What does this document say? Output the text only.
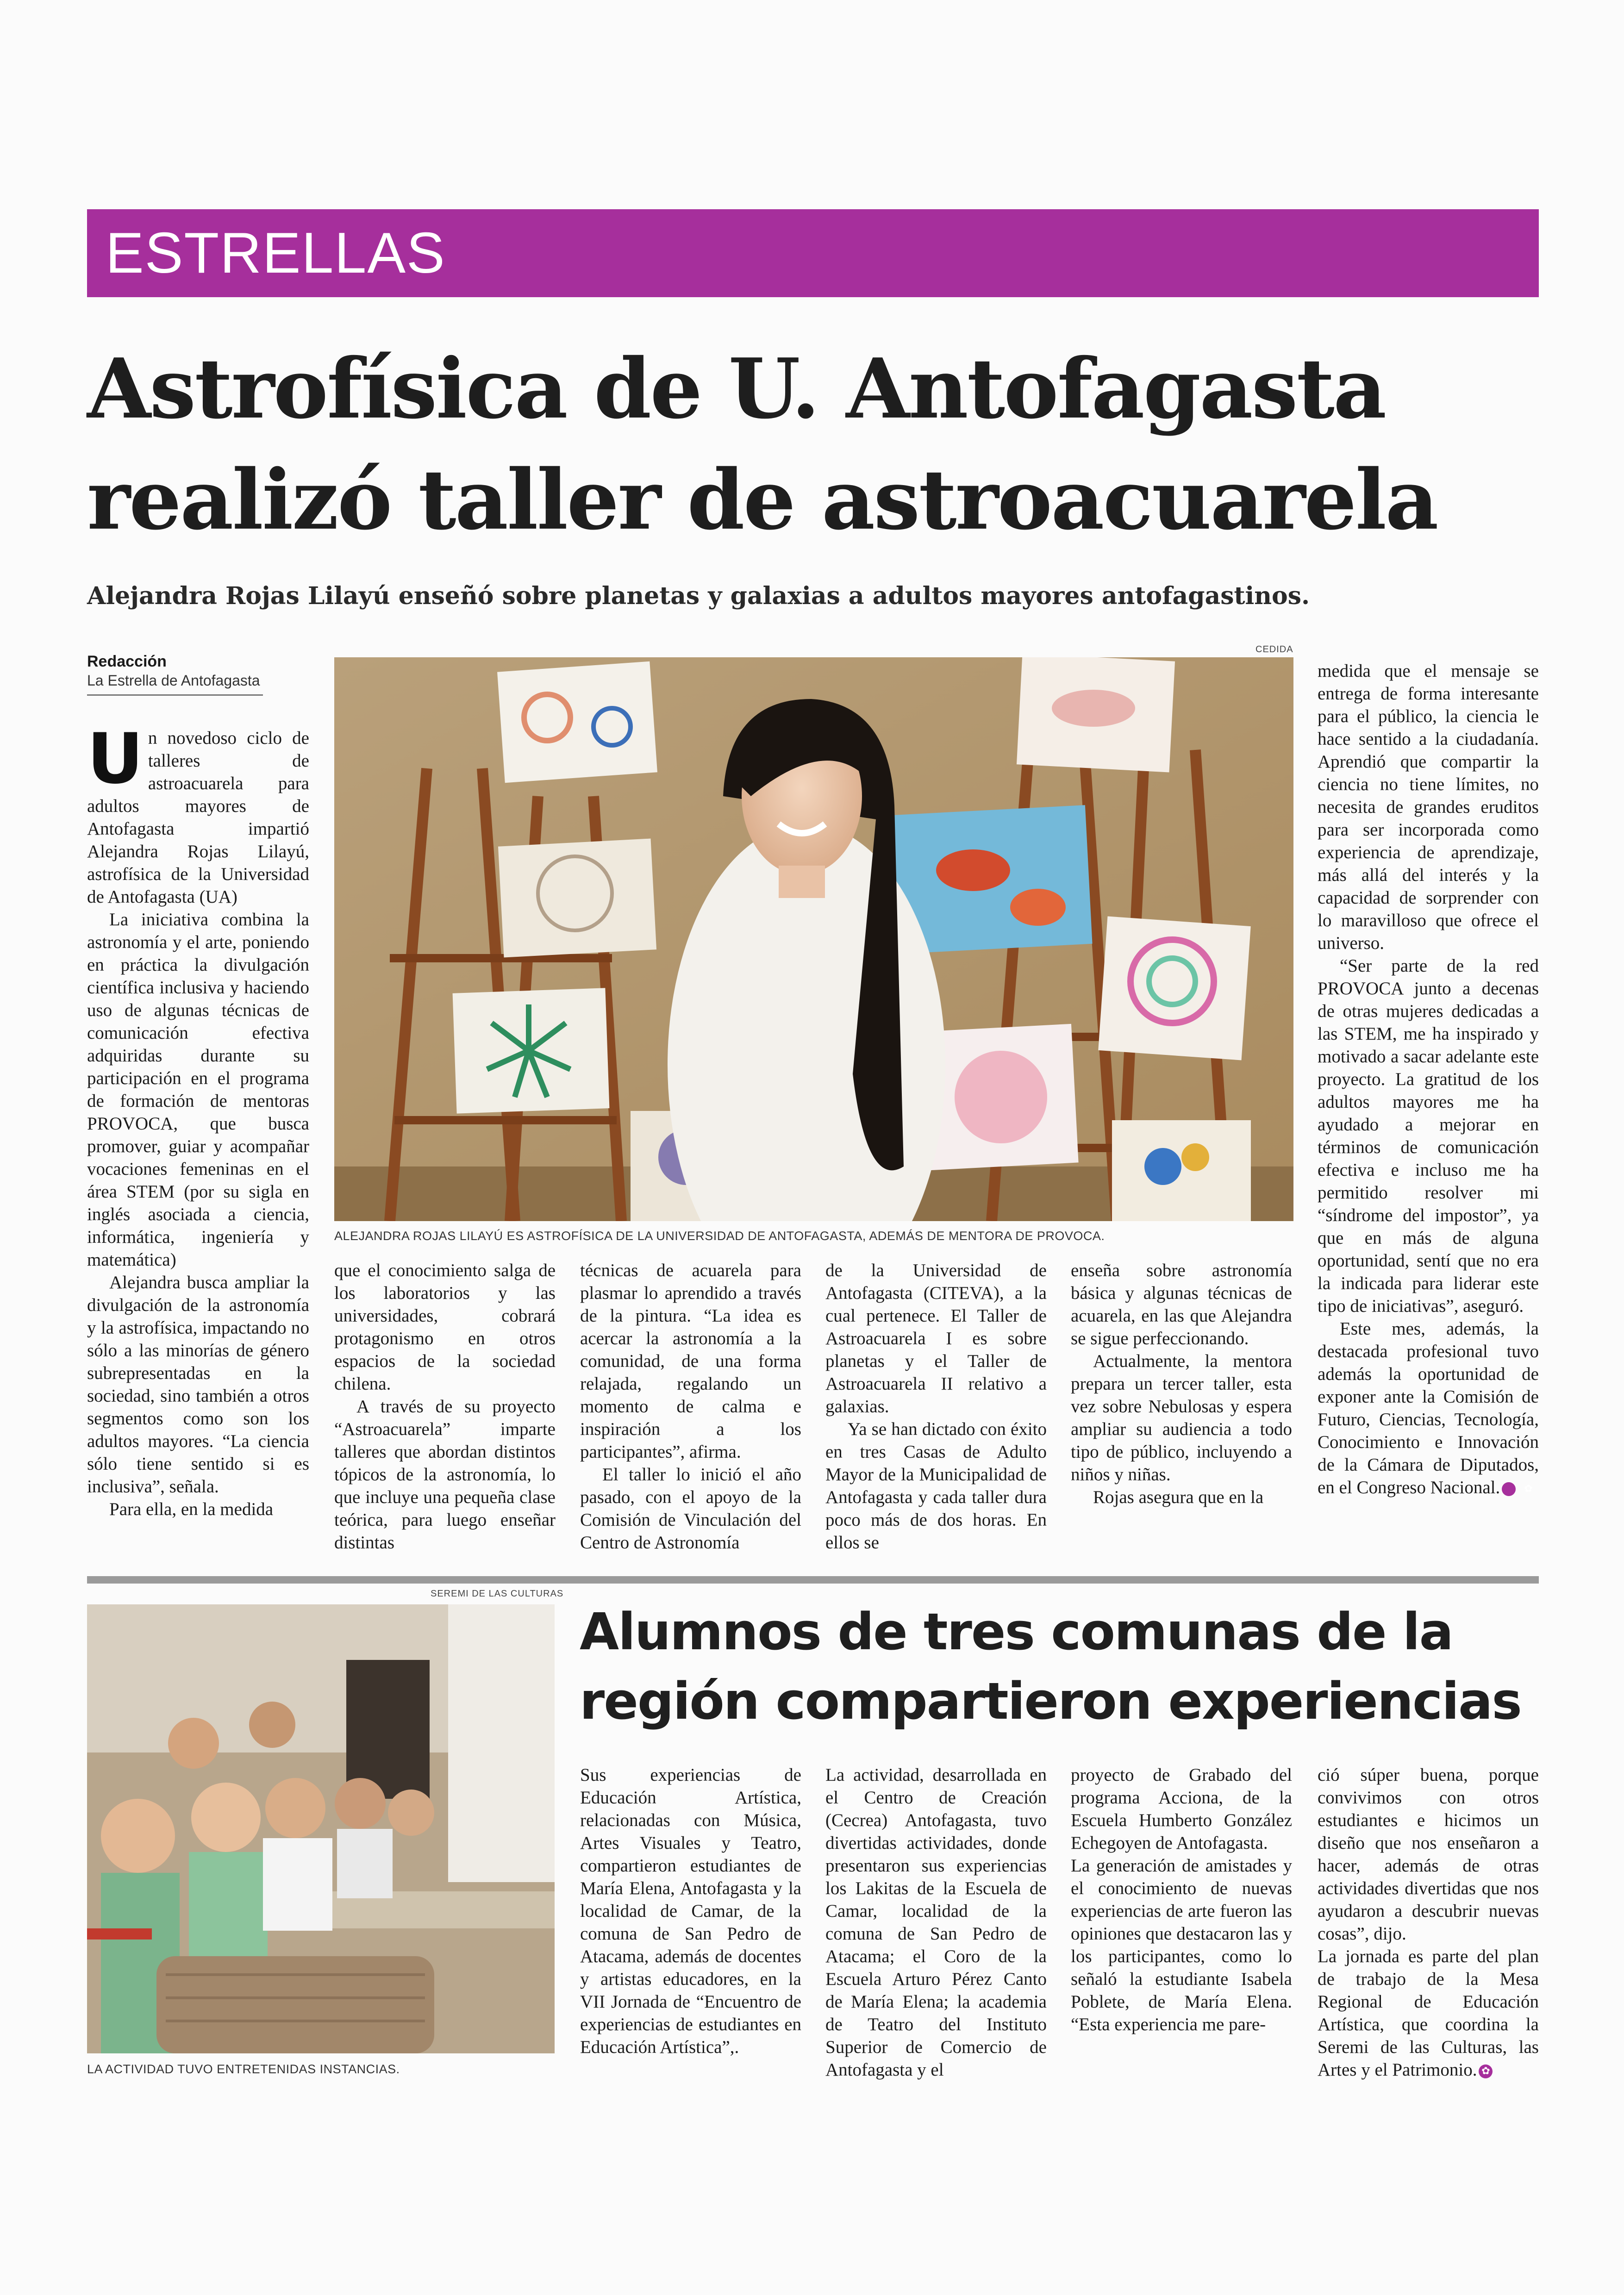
ESTRELLAS
Astrofísica de U. Antofagasta
realizó taller de astroacuarela
Alejandra Rojas Lilayú enseñó sobre planetas y galaxias a adultos mayores antofagastinos.
Redacción
La Estrella de Antofagasta

Un novedoso ciclo de talleres de astroacuarela para adultos mayores de Antofagasta impartió Alejandra Rojas Lilayú, astrofísica de la Universidad de Antofagasta (UA)

La iniciativa combina la astronomía y el arte, poniendo en práctica la divulgación científica inclusiva y haciendo uso de algunas técnicas de comunicación efectiva adquiridas durante su participación en el programa de formación de mentoras PROVOCA, que busca promover, guiar y acompañar vocaciones femeninas en el área STEM (por su sigla en inglés asociada a ciencia, informática, ingeniería y matemática)

Alejandra busca ampliar la divulgación de la astronomía y la astrofísica, impactando no sólo a las minorías de género subrepresentadas en la sociedad, sino también a otros segmentos como son los adultos mayores. “La ciencia sólo tiene sentido si es inclusiva”, señala.

Para ella, en la medida

CEDIDA
ALEJANDRA ROJAS LILAYÚ ES ASTROFÍSICA DE LA UNIVERSIDAD DE ANTOFAGASTA, ADEMÁS DE MENTORA DE PROVOCA.

que el conocimiento salga de los laboratorios y las universidades, cobrará protagonismo en otros espacios de la sociedad chilena.

A través de su proyecto “Astroacuarela” imparte talleres que abordan distintos tópicos de la astronomía, lo que incluye una pequeña clase teórica, para luego enseñar distintas

técnicas de acuarela para plasmar lo aprendido a través de la pintura. “La idea es acercar la astronomía a la comunidad, de una forma relajada, regalando un momento de calma e inspiración a los participantes”, afirma.

El taller lo inició el año pasado, con el apoyo de la Comisión de Vinculación del Centro de Astronomía

de la Universidad de Antofagasta (CITEVA), a la cual pertenece. El Taller de Astroacuarela I es sobre planetas y el Taller de Astroacuarela II relativo a galaxias.

Ya se han dictado con éxito en tres Casas de Adulto Mayor de la Municipalidad de Antofagasta y cada taller dura poco más de dos horas. En ellos se

enseña sobre astronomía básica y algunas técnicas de acuarela, en las que Alejandra se sigue perfeccionando.

Actualmente, la mentora prepara un tercer taller, esta vez sobre Nebulosas y espera ampliar su audiencia a todo tipo de público, incluyendo a niños y niñas.

Rojas asegura que en la

medida que el mensaje se entrega de forma interesante para el público, la ciencia le hace sentido a la ciudadanía. Aprendió que compartir la ciencia no tiene límites, no necesita de grandes eruditos para ser incorporada como experiencia de aprendizaje, más allá del interés y la capacidad de sorprender con lo maravilloso que ofrece el universo.

“Ser parte de la red PROVOCA junto a decenas de otras mujeres dedicadas a las STEM, me ha inspirado y motivado a sacar adelante este proyecto. La gratitud de los adultos mayores me ha ayudado a mejorar en términos de comunicación efectiva e incluso me ha permitido resolver mi “síndrome del impostor”, ya que en más de alguna oportunidad, sentí que no era la indicada para liderar este tipo de iniciativas”, aseguró.

Este mes, además, la destacada profesional tuvo además la oportunidad de exponer ante la Comisión de Futuro, Ciencias, Tecnología, Conocimiento e Innovación de la Cámara de Diputados, en el Congreso Nacional. ✿

SEREMI DE LAS CULTURAS
LA ACTIVIDAD TUVO ENTRETENIDAS INSTANCIAS.
Alumnos de tres comunas de la
región compartieron experiencias

Sus experiencias de Educación Artística, relacionadas con Música, Artes Visuales y Teatro, compartieron estudiantes de María Elena, Antofagasta y la localidad de Camar, de la comuna de San Pedro de Atacama, además de docentes y artistas educadores, en la VII Jornada de “Encuentro de experiencias de estudiantes en Educación Artística”,.

La actividad, desarrollada en el Centro de Creación (Cecrea) Antofagasta, tuvo divertidas actividades, donde presentaron sus experiencias los Lakitas de la Escuela de Camar, localidad de la comuna de San Pedro de Atacama; el Coro de la Escuela Arturo Pérez Canto de María Elena; la academia de Teatro del Instituto Superior de Comercio de Antofagasta y el

proyecto de Grabado del programa Acciona, de la Escuela Humberto González Echegoyen de Antofagasta.

La generación de amistades y el conocimiento de nuevas experiencias de arte fueron las opiniones que destacaron las y los participantes, como lo señaló la estudiante Isabela Poblete, de María Elena. “Esta experiencia me pare-

ció súper buena, porque convivimos con otros estudiantes e hicimos un diseño que nos enseñaron a hacer, además de otras actividades divertidas que nos ayudaron a descubrir nuevas cosas”, dijo.

La jornada es parte del plan de trabajo de la Mesa Regional de Educación Artística, que coordina la Seremi de las Culturas, las Artes y el Patrimonio. ✿
